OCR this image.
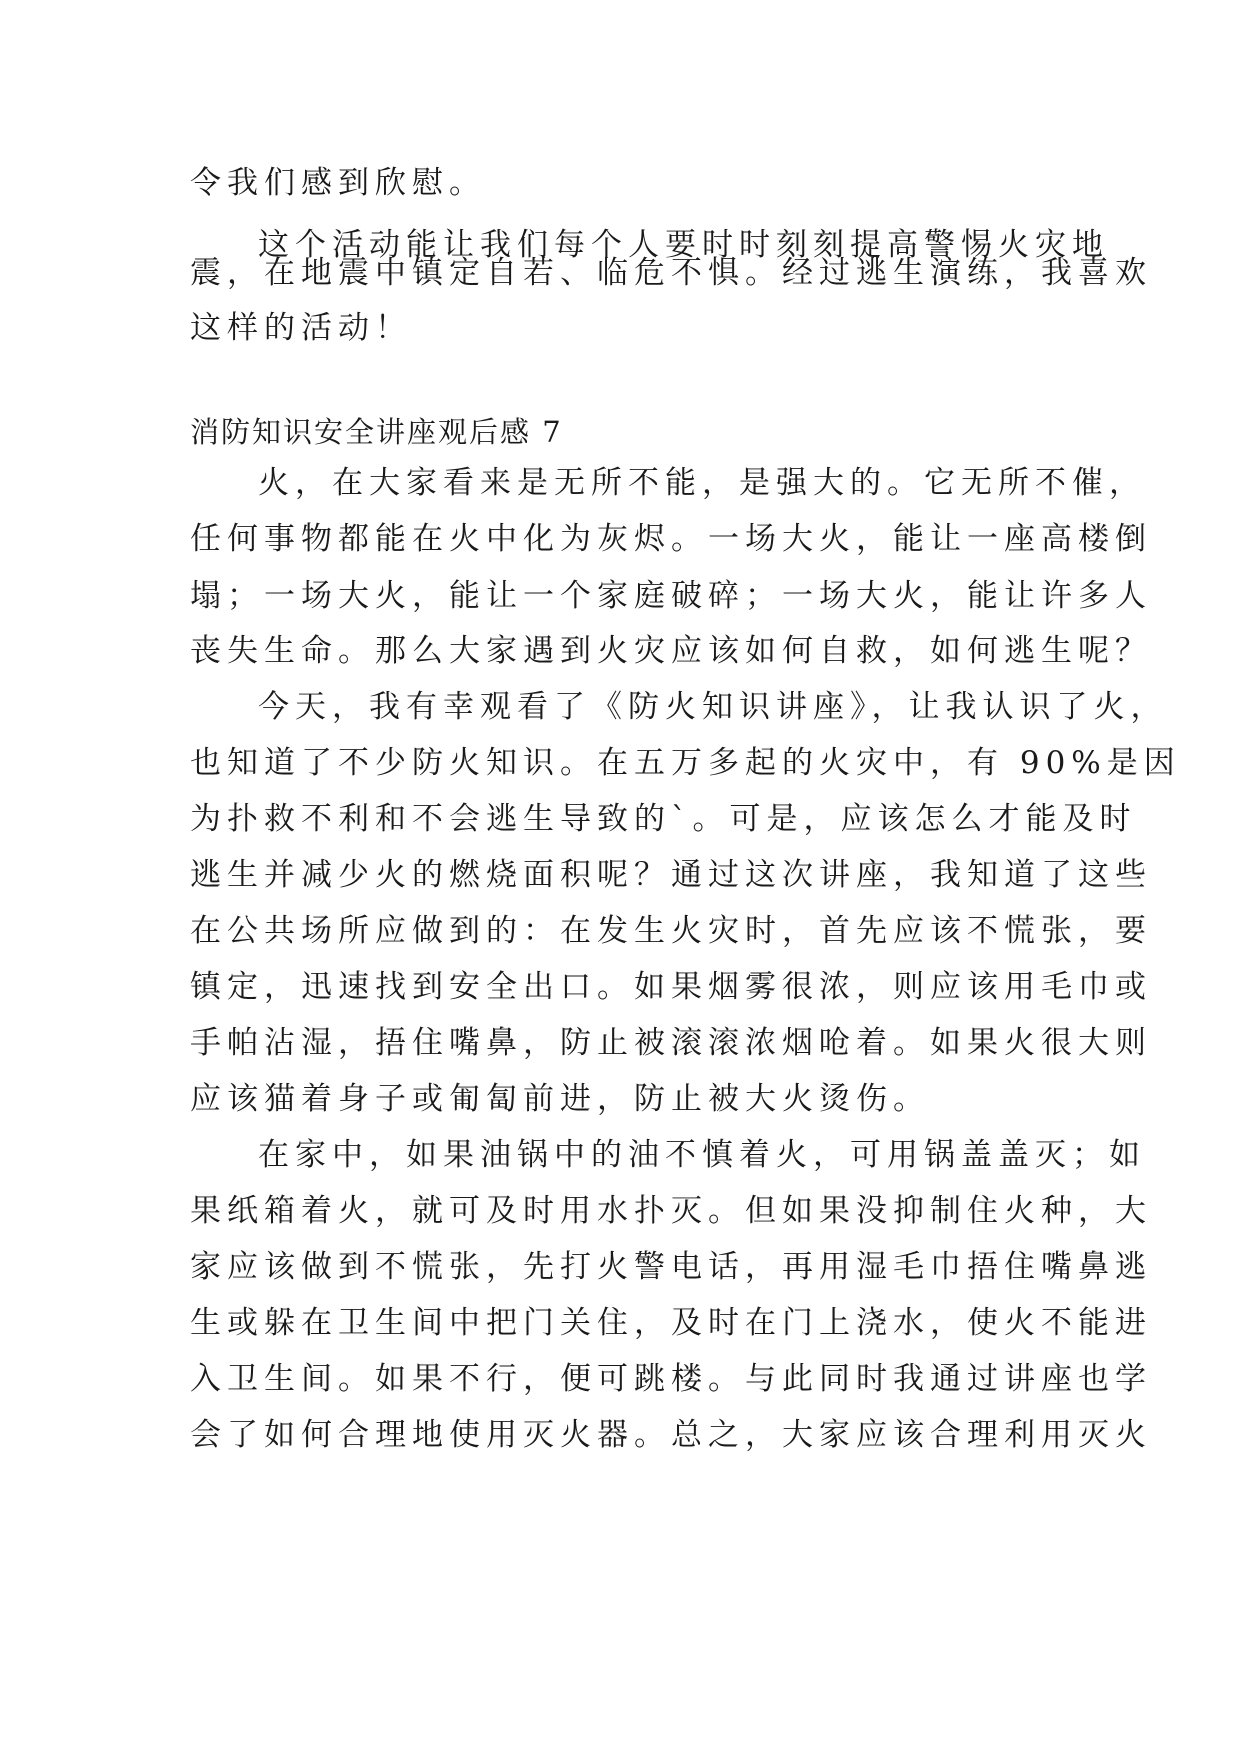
令我们感到欣慰。
这个活动能让我们每个人要时时刻刻提高警惕火灾地
震，在地震中镇定自若、临危不惧。经过逃生演练，我喜欢
这样的活动！
消防知识安全讲座观后感 7
火，在大家看来是无所不能，是强大的。它无所不催，
任何事物都能在火中化为灰烬。一场大火，能让一座高楼倒
塌；一场大火，能让一个家庭破碎；一场大火，能让许多人
丧失生命。那么大家遇到火灾应该如何自救，如何逃生呢？
今天，我有幸观看了《防火知识讲座》，让我认识了火，
也知道了不少防火知识。在五万多起的火灾中，有 90%是因
为扑救不利和不会逃生导致的`。可是，应该怎么才能及时
逃生并减少火的燃烧面积呢？通过这次讲座，我知道了这些
在公共场所应做到的：在发生火灾时，首先应该不慌张，要
镇定，迅速找到安全出口。如果烟雾很浓，则应该用毛巾或
手帕沾湿，捂住嘴鼻，防止被滚滚浓烟呛着。如果火很大则
应该猫着身子或匍匐前进，防止被大火烫伤。
在家中，如果油锅中的油不慎着火，可用锅盖盖灭；如
果纸箱着火，就可及时用水扑灭。但如果没抑制住火种，大
家应该做到不慌张，先打火警电话，再用湿毛巾捂住嘴鼻逃
生或躲在卫生间中把门关住，及时在门上浇水，使火不能进
入卫生间。如果不行，便可跳楼。与此同时我通过讲座也学
会了如何合理地使用灭火器。总之，大家应该合理利用灭火
